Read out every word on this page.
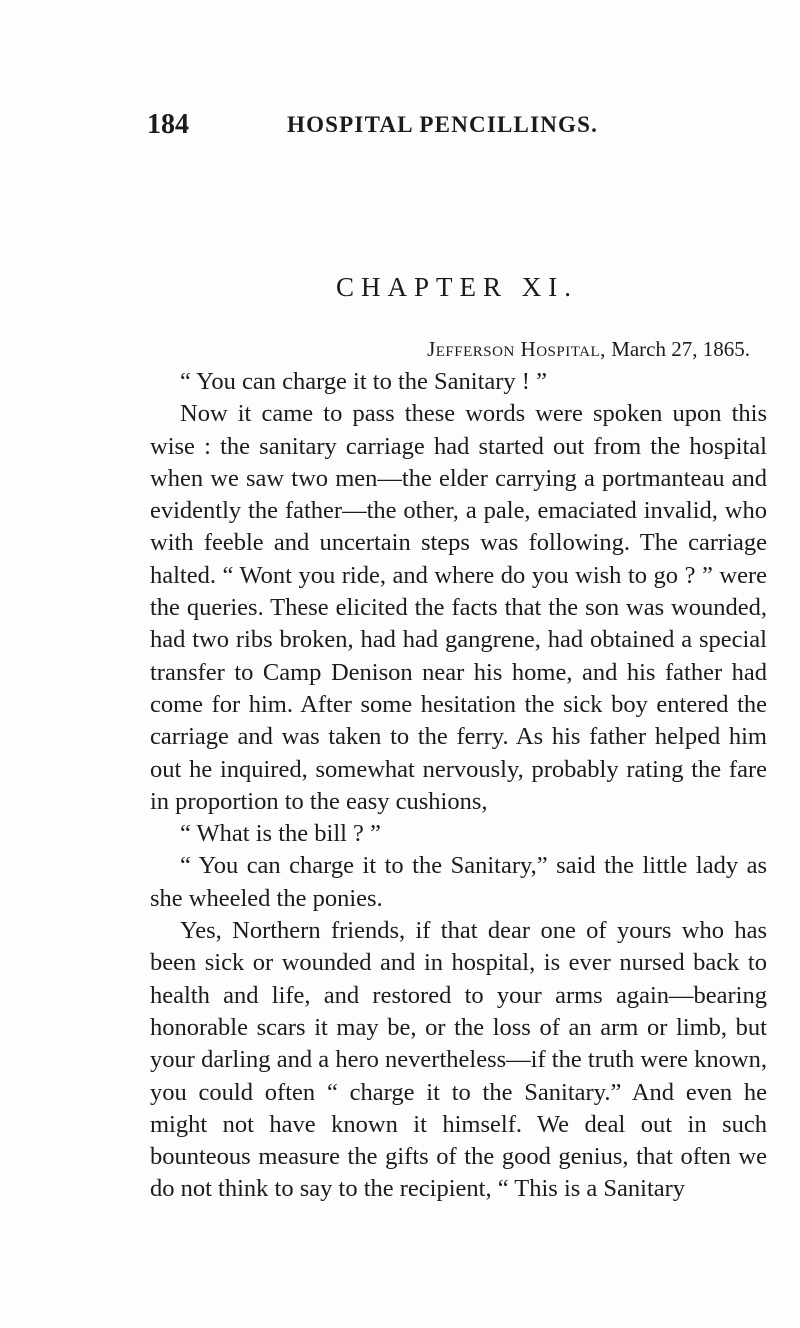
184	HOSPITAL PENCILLINGS.
CHAPTER XI.
Jefferson Hospital, March 27, 1865.

“ You can charge it to the Sanitary ! ”

Now it came to pass these words were spoken upon this wise : the sanitary carriage had started out from the hospital when we saw two men—the elder carrying a portmanteau and evidently the father—the other, a pale, emaciated invalid, who with feeble and uncertain steps was following. The carriage halted. “ Wont you ride, and where do you wish to go ? ” were the queries. These elicited the facts that the son was wounded, had two ribs broken, had had gangrene, had obtained a special transfer to Camp Denison near his home, and his father had come for him. After some hesitation the sick boy entered the carriage and was taken to the ferry. As his father helped him out he inquired, somewhat nervously, probably rating the fare in proportion to the easy cushions,

“ What is the bill ? ”

“ You can charge it to the Sanitary,” said the little lady as she wheeled the ponies.

Yes, Northern friends, if that dear one of yours who has been sick or wounded and in hospital, is ever nursed back to health and life, and restored to your arms again—bearing honorable scars it may be, or the loss of an arm or limb, but your darling and a hero nevertheless—if the truth were known, you could often “ charge it to the Sanitary.” And even he might not have known it himself. We deal out in such bounteous measure the gifts of the good genius, that often we do not think to say to the recipient, “ This is a Sanitary
